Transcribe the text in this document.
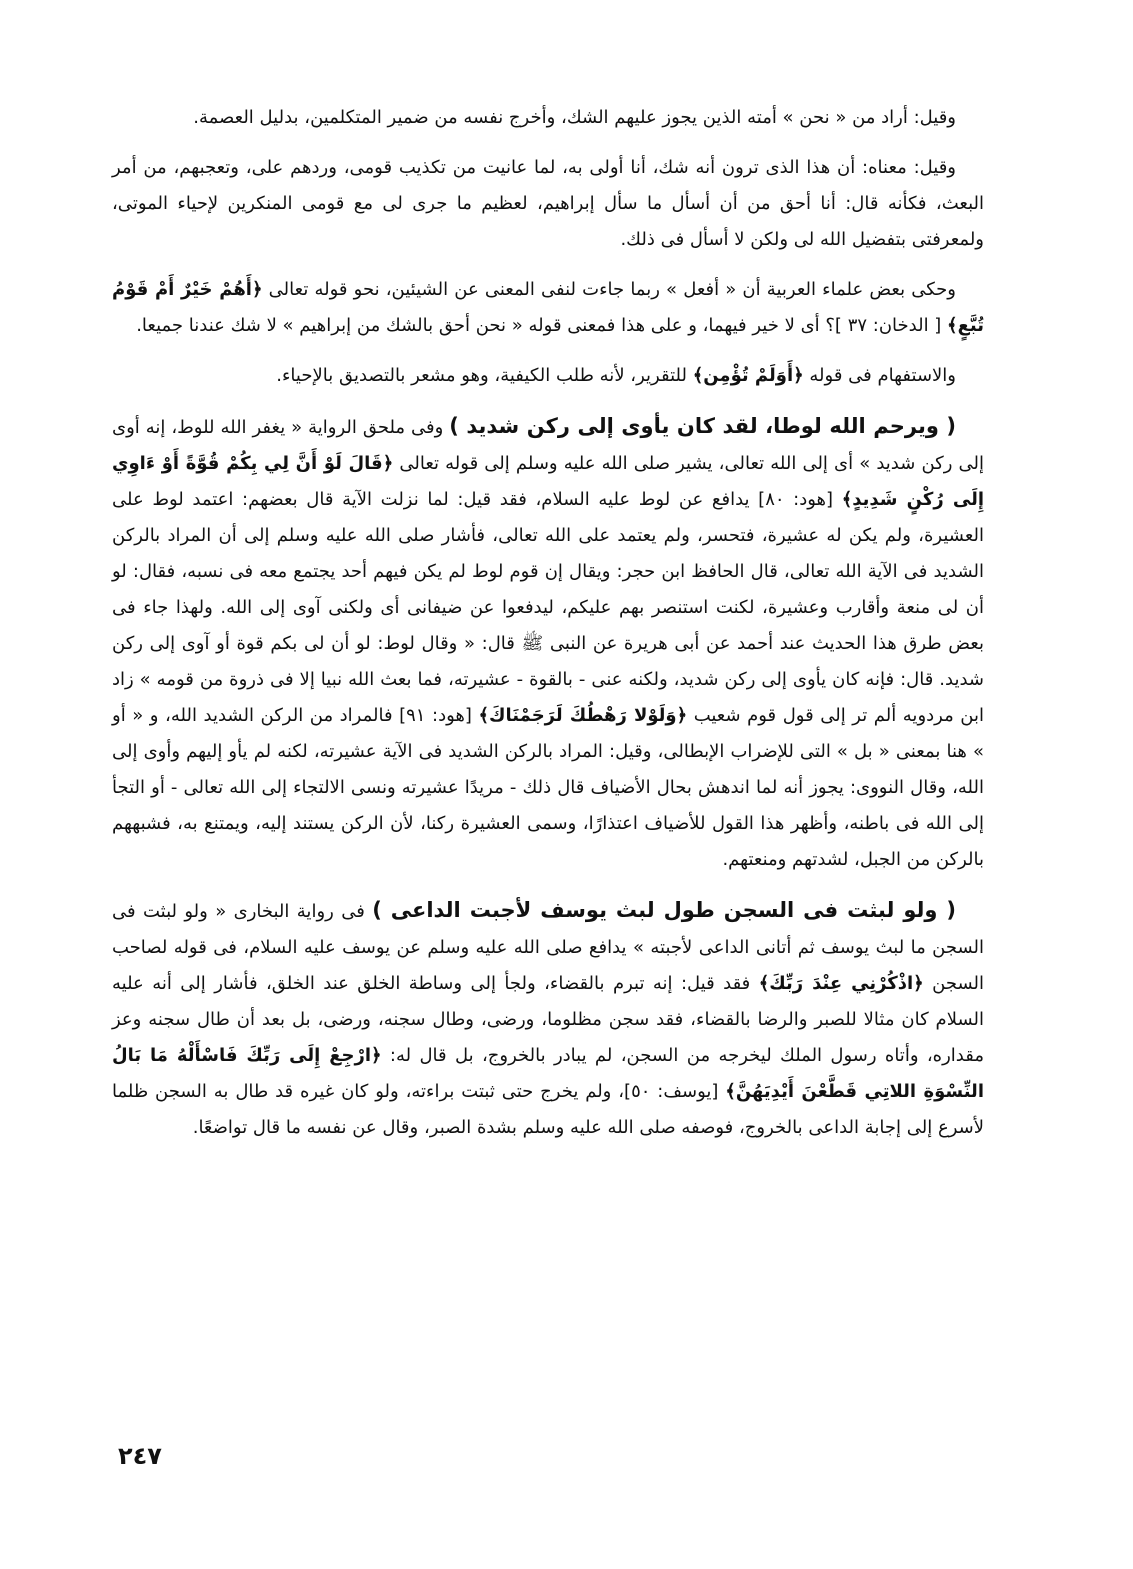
وقيل: أراد من « نحن » أمته الذين يجوز عليهم الشك، وأخرج نفسه من ضمير المتكلمين، بدليل العصمة.

وقيل: معناه: أن هذا الذى ترون أنه شك، أنا أولى به، لما عانيت من تكذيب قومى، وردهم على، وتعجبهم، من أمر البعث، فكأنه قال: أنا أحق من أن أسأل ما سأل إبراهيم، لعظيم ما جرى لى مع قومى المنكرين لإحياء الموتى، ولمعرفتى بتفضيل الله لى ولكن لا أسأل فى ذلك.

وحكى بعض علماء العربية أن « أفعل » ربما جاءت لنفى المعنى عن الشيئين، نحو قوله تعالى ﴿أَهُمْ خَيْرٌ أَمْ قَوْمُ تُبَّعٍ﴾ [ الدخان: ٣٧ ]؟ أى لا خير فيهما، و على هذا فمعنى قوله « نحن أحق بالشك من إبراهيم » لا شك عندنا جميعا.

والاستفهام فى قوله ﴿أَوَلَمْ تُؤْمِن﴾ للتقرير، لأنه طلب الكيفية، وهو مشعر بالتصديق بالإحياء.

( ويرحم الله لوطا، لقد كان يأوى إلى ركن شديد ) وفى ملحق الرواية « يغفر الله للوط، إنه أوى إلى ركن شديد » أى إلى الله تعالى، يشير صلى الله عليه وسلم إلى قوله تعالى ﴿قَالَ لَوْ أَنَّ لِي بِكُمْ قُوَّةً أَوْ ءَاوِي إِلَى رُكْنٍ شَدِيدٍ﴾ [هود: ٨٠] يدافع عن لوط عليه السلام، فقد قيل: لما نزلت الآية قال بعضهم: اعتمد لوط على العشيرة، ولم يكن له عشيرة، فتحسر، ولم يعتمد على الله تعالى، فأشار صلى الله عليه وسلم إلى أن المراد بالركن الشديد فى الآية الله تعالى، قال الحافظ ابن حجر: ويقال إن قوم لوط لم يكن فيهم أحد يجتمع معه فى نسبه، فقال: لو أن لى منعة وأقارب وعشيرة، لكنت استنصر بهم عليكم، ليدفعوا عن ضيفانى أى ولكنى آوى إلى الله. ولهذا جاء فى بعض طرق هذا الحديث عند أحمد عن أبى هريرة عن النبى ﷺ قال: « وقال لوط: لو أن لى بكم قوة أو آوى إلى ركن شديد. قال: فإنه كان يأوى إلى ركن شديد، ولكنه عنى - بالقوة - عشيرته، فما بعث الله نبيا إلا فى ذروة من قومه » زاد ابن مردويه ألم تر إلى قول قوم شعيب ﴿وَلَوْلا رَهْطُكَ لَرَجَمْنَاكَ﴾ [هود: ٩١] فالمراد من الركن الشديد الله، و « أو » هنا بمعنى « بل » التى للإضراب الإبطالى، وقيل: المراد بالركن الشديد فى الآية عشيرته، لكنه لم يأو إليهم وأوى إلى الله، وقال النووى: يجوز أنه لما اندهش بحال الأضياف قال ذلك - مريدًا عشيرته ونسى الالتجاء إلى الله تعالى - أو التجأ إلى الله فى باطنه، وأظهر هذا القول للأضياف اعتذارًا، وسمى العشيرة ركنا، لأن الركن يستند إليه، ويمتنع به، فشبههم بالركن من الجبل، لشدتهم ومنعتهم.

( ولو لبثت فى السجن طول لبث يوسف لأجبت الداعى ) فى رواية البخارى « ولو لبثت فى السجن ما لبث يوسف ثم أتانى الداعى لأجبته » يدافع صلى الله عليه وسلم عن يوسف عليه السلام، فى قوله لصاحب السجن ﴿اذْكُرْنِي عِنْدَ رَبِّكَ﴾ فقد قيل: إنه تبرم بالقضاء، ولجأ إلى وساطة الخلق عند الخلق، فأشار إلى أنه عليه السلام كان مثالا للصبر والرضا بالقضاء، فقد سجن مظلوما، ورضى، وطال سجنه، ورضى، بل بعد أن طال سجنه وعز مقداره، وأتاه رسول الملك ليخرجه من السجن، لم يبادر بالخروج، بل قال له: ﴿ارْجِعْ إِلَى رَبِّكَ فَاسْأَلْهُ مَا بَالُ النِّسْوَةِ اللاتِي قَطَّعْنَ أَيْدِيَهُنَّ﴾ [يوسف: ٥٠]، ولم يخرج حتى ثبتت براءته، ولو كان غيره قد طال به السجن ظلما لأسرع إلى إجابة الداعى بالخروج، فوصفه صلى الله عليه وسلم بشدة الصبر، وقال عن نفسه ما قال تواضعًا.

٢٤٧
